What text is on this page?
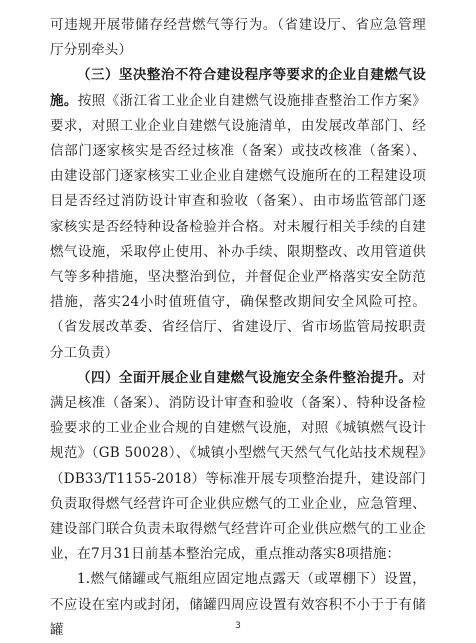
可违规开展带储存经营燃气等行为。（省建设厅、省应急管理厅分别牵头）

（三）坚决整治不符合建设程序等要求的企业自建燃气设施。按照《浙江省工业企业自建燃气设施排查整治工作方案》要求，对照工业企业自建燃气设施清单，由发展改革部门、经信部门逐家核实是否经过核准（备案）或技改核准（备案）、由建设部门逐家核实工业企业自建燃气设施所在的工程建设项目是否经过消防设计审查和验收（备案）、由市场监管部门逐家核实是否经特种设备检验并合格。对未履行相关手续的自建燃气设施，采取停止使用、补办手续、限期整改、改用管道供气等多种措施，坚决整治到位，并督促企业严格落实安全防范措施，落实24小时值班值守，确保整改期间安全风险可控。（省发展改革委、省经信厅、省建设厅、省市场监管局按职责分工负责）

（四）全面开展企业自建燃气设施安全条件整治提升。对满足核准（备案）、消防设计审查和验收（备案）、特种设备检验要求的工业企业合规的自建燃气设施，对照《城镇燃气设计规范》（GB 50028）、《城镇小型燃气天然气气化站技术规程》（DB33/T1155-2018）等标准开展专项整治提升，建设部门负责取得燃气经营许可企业供应燃气的工业企业，应急管理、建设部门联合负责未取得燃气经营许可企业供应燃气的工业企业，在7月31日前基本整治完成，重点推动落实8项措施：

1.燃气储罐或气瓶组应固定地点露天（或罩棚下）设置，不应设在室内或封闭，储罐四周应设置有效容积不小于于有储罐	3
